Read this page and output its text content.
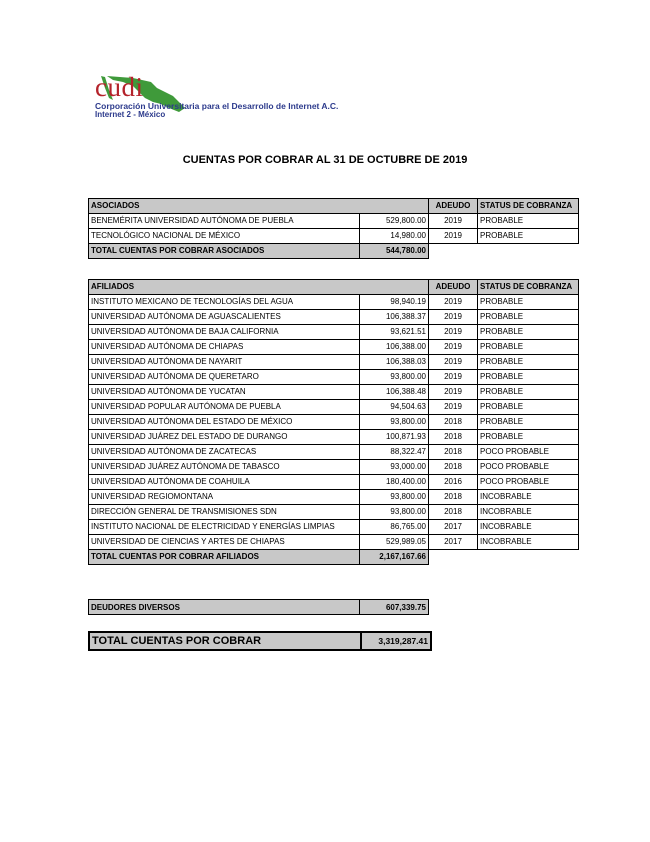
cudi
Corporación Universitaria para el Desarrollo de Internet A.C.
Internet 2 - México
CUENTAS POR COBRAR AL 31 DE OCTUBRE DE 2019
ASOCIADOS		ADEUDO	STATUS DE COBRANZA
BENEMÉRITA UNIVERSIDAD AUTÓNOMA DE PUEBLA	529,800.00	2019	PROBABLE
TECNOLÓGICO NACIONAL DE MÉXICO	14,980.00	2019	PROBABLE
TOTAL CUENTAS POR COBRAR ASOCIADOS	544,780.00		
AFILIADOS		ADEUDO	STATUS DE COBRANZA
INSTITUTO MEXICANO DE TECNOLOGÍAS DEL AGUA	98,940.19	2019	PROBABLE
UNIVERSIDAD AUTÓNOMA DE AGUASCALIENTES	106,388.37	2019	PROBABLE
UNIVERSIDAD AUTÓNOMA DE BAJA CALIFORNIA	93,621.51	2019	PROBABLE
UNIVERSIDAD AUTÓNOMA DE CHIAPAS	106,388.00	2019	PROBABLE
UNIVERSIDAD AUTÓNOMA DE NAYARIT	106,388.03	2019	PROBABLE
UNIVERSIDAD AUTÓNOMA DE QUERETARO	93,800.00	2019	PROBABLE
UNIVERSIDAD AUTÓNOMA DE YUCATAN	106,388.48	2019	PROBABLE
UNIVERSIDAD POPULAR AUTÓNOMA DE PUEBLA	94,504.63	2019	PROBABLE
UNIVERSIDAD AUTÓNOMA DEL ESTADO DE MÉXICO	93,800.00	2018	PROBABLE
UNIVERSIDAD JUÁREZ DEL ESTADO DE DURANGO	100,871.93	2018	PROBABLE
UNIVERSIDAD AUTÓNOMA DE ZACATECAS	88,322.47	2018	POCO PROBABLE
UNIVERSIDAD JUÁREZ AUTÓNOMA DE TABASCO	93,000.00	2018	POCO PROBABLE
UNIVERSIDAD AUTÓNOMA DE COAHUILA	180,400.00	2016	POCO PROBABLE
UNIVERSIDAD REGIOMONTANA	93,800.00	2018	INCOBRABLE
DIRECCIÓN GENERAL DE TRANSMISIONES SDN	93,800.00	2018	INCOBRABLE
INSTITUTO NACIONAL DE ELECTRICIDAD Y ENERGÍAS LIMPIAS	86,765.00	2017	INCOBRABLE
UNIVERSIDAD DE CIENCIAS Y ARTES DE CHIAPAS	529,989.05	2017	INCOBRABLE
TOTAL CUENTAS POR COBRAR AFILIADOS	2,167,167.66		
DEUDORES DIVERSOS	607,339.75
TOTAL CUENTAS POR COBRAR	3,319,287.41
